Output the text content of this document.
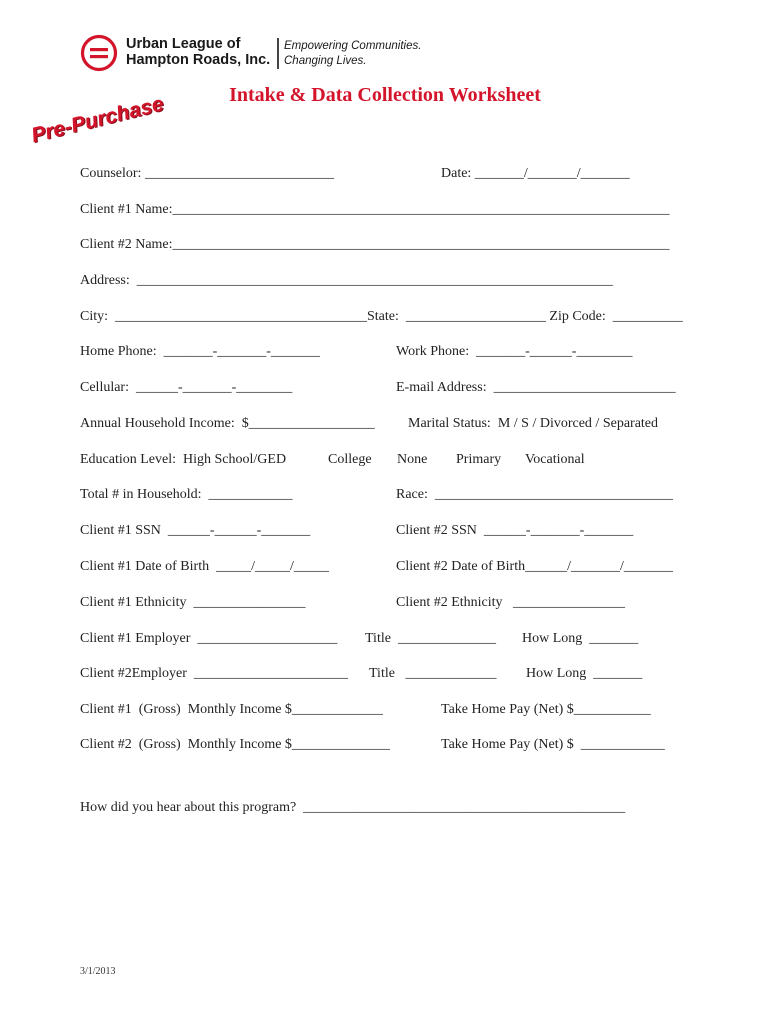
Urban League of
Hampton Roads, Inc.
Empowering Communities.
Changing Lives.
Intake & Data Collection Worksheet
Pre-Purchase
Counselor: ___________________________	Date: _______/_______/_______
Client #1 Name:_______________________________________________________________________
Client #2 Name:_______________________________________________________________________
Address:  ____________________________________________________________________
City:  ____________________________________State:  ____________________ Zip Code:  __________
Home Phone:  _______-_______-_______	Work Phone:  _______-______-________
Cellular:  ______-_______-________	E-mail Address:  __________________________
Annual Household Income:  $__________________ Marital Status:  M / S / Divorced / Separated
Education Level:  High School/GED	College None Primary Vocational
Total # in Household:  ____________	Race:  __________________________________
Client #1 SSN  ______-______-_______	Client #2 SSN  ______-_______-_______
Client #1 Date of Birth  _____/_____/_____	Client #2 Date of Birth______/_______/_______
Client #1 Ethnicity  ________________	Client #2 Ethnicity   ________________
Client #1 Employer  ____________________ Title  ______________ How Long  _______
Client #2Employer  ______________________ Title   _____________ How Long  _______
Client #1  (Gross)  Monthly Income $_____________	Take Home Pay (Net) $___________
Client #2  (Gross)  Monthly Income $______________	Take Home Pay (Net) $  ____________
How did you hear about this program?  ______________________________________________
3/1/2013
